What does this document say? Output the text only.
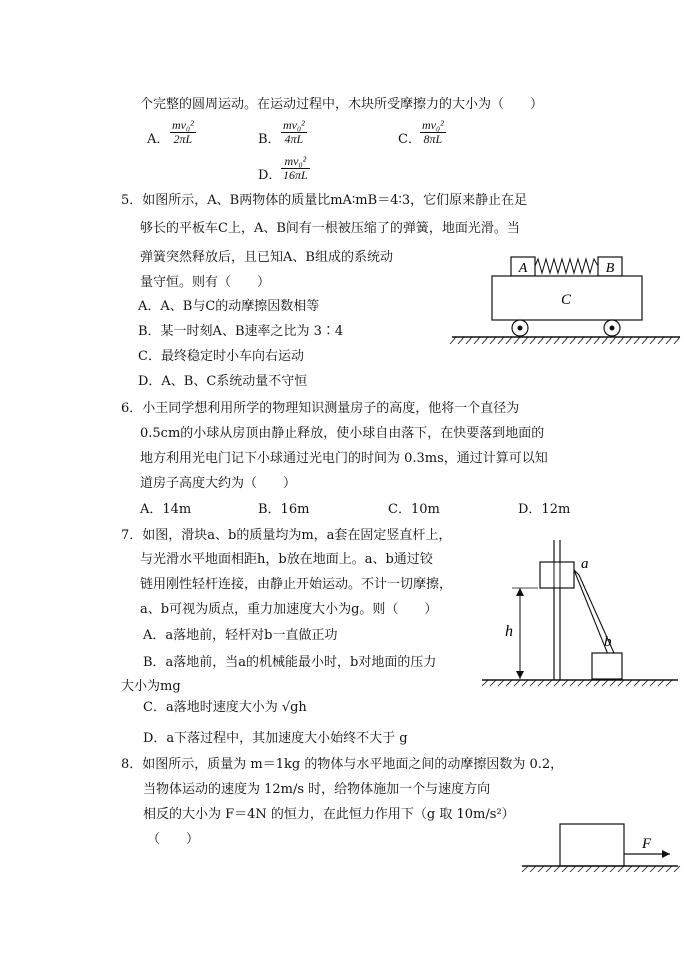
个完整的圆周运动。在运动过程中，木块所受摩擦力的大小为（　　）
A． $\frac{\text{mv₀²}}{2\pi L}$	B． $\frac{\text{mv₀²}}{4\pi L}$	C． $\frac{\text{mv₀²}}{8\pi L}$
D． $\frac{\text{mv₀²}}{16\pi L}$
5．如图所示，A、B两物体的质量比mA∶mB＝4∶3，它们原来静止在足
够长的平板车C上，A、B间有一根被压缩了的弹簧，地面光滑。当
弹簧突然释放后，且已知A、B组成的系统动
量守恒。则有（　　）
A．A、B与C的动摩擦因数相等
B．某一时刻A、B速率之比为 3∶4
C．最终稳定时小车向右运动
D．A、B、C系统动量不守恒
A	B
C
6．小王同学想利用所学的物理知识测量房子的高度，他将一个直径为
0.5cm的小球从房顶由静止释放，使小球自由落下，在快要落到地面的
地方利用光电门记下小球通过光电门的时间为 0.3ms，通过计算可以知
道房子高度大约为（　　）
A．14m	B．16m	C．10m	D．12m
7．如图，滑块a、b的质量均为m，a套在固定竖直杆上，
与光滑水平地面相距h，b放在地面上。a、b通过铰
链用刚性轻杆连接，由静止开始运动。不计一切摩擦，
a、b可视为质点，重力加速度大小为g。则（　　）
A．a落地前，轻杆对b一直做正功
B．a落地前，当a的机械能最小时，b对地面的压力
大小为mg
C．a落地时速度大小为 √gh
D．a下落过程中，其加速度大小始终不大于 g
a
b
h
8．如图所示，质量为 m＝1kg 的物体与水平地面之间的动摩擦因数为 0.2，
当物体运动的速度为 12m/s 时，给物体施加一个与速度方向
相反的大小为 F＝4N 的恒力，在此恒力作用下（g 取 10m/s²）
（　　）	F
